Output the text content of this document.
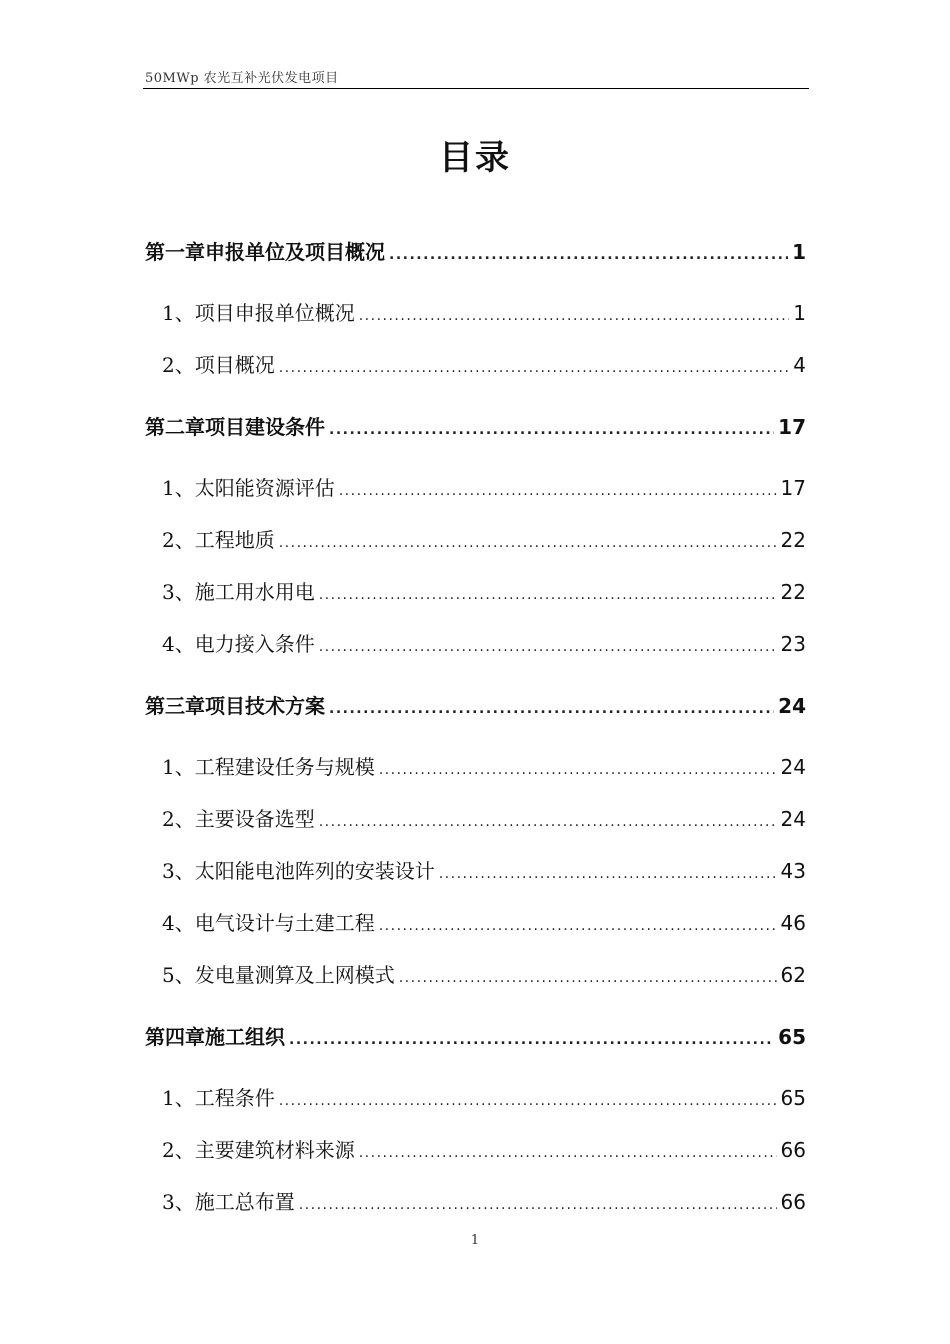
50MWp 农光互补光伏发电项目
目录
第一章申报单位及项目概况 .....	1
1、项目申报单位概况 .....	1
2、项目概况 .....	4
第二章项目建设条件 .....	17
1、太阳能资源评估 .....	17
2、工程地质 .....	22
3、施工用水用电 .....	22
4、电力接入条件 .....	23
第三章项目技术方案 .....	24
1、工程建设任务与规模 .....	24
2、主要设备选型 .....	24
3、太阳能电池阵列的安装设计 .....	43
4、电气设计与土建工程 .....	46
5、发电量测算及上网模式 .....	62
第四章施工组织 .....	65
1、工程条件 .....	65
2、主要建筑材料来源 .....	66
3、施工总布置 .....	66
1
